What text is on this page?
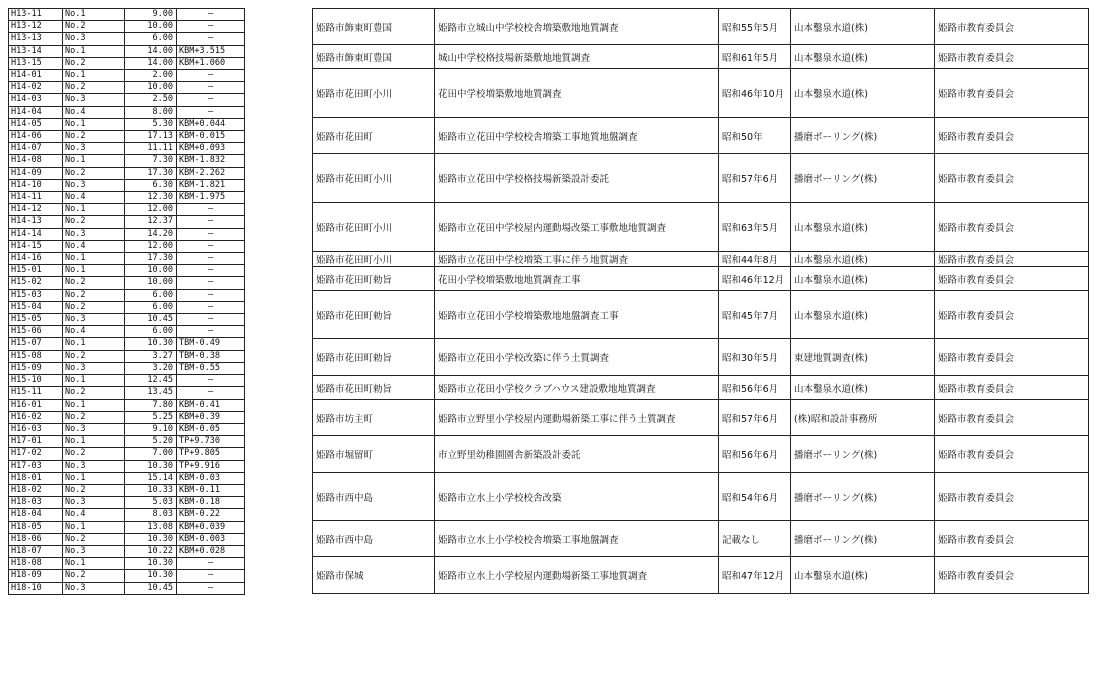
H13-11	No.1	9.00	—	
H13-12	No.2	10.00	—	
H13-13	No.3	6.00	—	
H13-14	No.1	14.00	KBM+3.515	
H13-15	No.2	14.00	KBM+1.060	
H14-01	No.1	2.00	—	
H14-02	No.2	10.00	—	
H14-03	No.3	2.50	—	
H14-04	No.4	8.00	—	
H14-05	No.1	5.30	KBM+0.044	
H14-06	No.2	17.13	KBM-0.015	
H14-07	No.3	11.11	KBM+0.093	
H14-08	No.1	7.30	KBM-1.832	
H14-09	No.2	17.30	KBM-2.262	
H14-10	No.3	6.30	KBM-1.821	
H14-11	No.4	12.30	KBM-1.975	
H14-12	No.1	12.00	—	
H14-13	No.2	12.37	—	
H14-14	No.3	14.20	—	
H14-15	No.4	12.00	—	
H14-16	No.1	17.30	—	
H15-01	No.1	10.00	—	
H15-02	No.2	10.00	—	
H15-03	No.2	6.00	—	
H15-04	No.2	6.00	—	
H15-05	No.3	10.45	—	
H15-06	No.4	6.00	—	
H15-07	No.1	10.30	TBM-0.49	
H15-08	No.2	3.27	TBM-0.38	
H15-09	No.3	3.20	TBM-0.55	
H15-10	No.1	12.45	—	
H15-11	No.2	13.45	—	
H16-01	No.1	7.80	KBM-0.41	
H16-02	No.2	5.25	KBM+0.39	
H16-03	No.3	9.10	KBM-0.05	
H17-01	No.1	5.20	TP+9.730	
H17-02	No.2	7.00	TP+9.805	
H17-03	No.3	10.30	TP+9.916	
H18-01	No.1	15.14	KBM-0.03	
H18-02	No.2	10.33	KBM-0.11	
H18-03	No.3	5.03	KBM-0.18	
H18-04	No.4	8.03	KBM-0.22	
H18-05	No.1	13.08	KBM+0.039	
H18-06	No.2	10.30	KBM-0.003	
H18-07	No.3	10.22	KBM+0.028	
H18-08	No.1	10.30	—	
H18-09	No.2	10.30	—	
H18-10	No.3	10.45	—	
姫路市飾東町豊国	姫路市立城山中学校校舎増築敷地地質調査	昭和55年5月	山本鑿泉水道(株)	姫路市教育委員会
姫路市飾東町豊国	城山中学校格技場新築敷地地質調査	昭和61年5月	山本鑿泉水道(株)	姫路市教育委員会
姫路市花田町小川	花田中学校増築敷地地質調査	昭和46年10月	山本鑿泉水道(株)	姫路市教育委員会
姫路市花田町	姫路市立花田中学校校舎増築工事地質地盤調査	昭和50年	播磨ボーリング(株)	姫路市教育委員会
姫路市花田町小川	姫路市立花田中学校格技場新築設計委託	昭和57年6月	播磨ボーリング(株)	姫路市教育委員会
姫路市花田町小川	姫路市立花田中学校屋内運動場改築工事敷地地質調査	昭和63年5月	山本鑿泉水道(株)	姫路市教育委員会
姫路市花田町小川	姫路市立花田中学校増築工事に伴う地質調査	昭和44年8月	山本鑿泉水道(株)	姫路市教育委員会
姫路市花田町勅旨	花田小学校増築敷地地質調査工事	昭和46年12月	山本鑿泉水道(株)	姫路市教育委員会
姫路市花田町勅旨	姫路市立花田小学校増築敷地地盤調査工事	昭和45年7月	山本鑿泉水道(株)	姫路市教育委員会
姫路市花田町勅旨	姫路市立花田小学校改築に伴う土質調査	昭和30年5月	東建地質調査(株)	姫路市教育委員会
姫路市花田町勅旨	姫路市立花田小学校クラブハウス建設敷地地質調査	昭和56年6月	山本鑿泉水道(株)	姫路市教育委員会
姫路市坊主町	姫路市立野里小学校屋内運動場新築工事に伴う土質調査	昭和57年6月	(株)昭和設計事務所	姫路市教育委員会
姫路市堀留町	市立野里幼稚園園舎新築設計委託	昭和56年6月	播磨ボーリング(株)	姫路市教育委員会
姫路市西中島	姫路市立水上小学校校舎改築	昭和54年6月	播磨ボーリング(株)	姫路市教育委員会
姫路市西中島	姫路市立水上小学校校舎増築工事地盤調査	記載なし	播磨ボーリング(株)	姫路市教育委員会
姫路市保城	姫路市立水上小学校屋内運動場新築工事地質調査	昭和47年12月	山本鑿泉水道(株)	姫路市教育委員会
